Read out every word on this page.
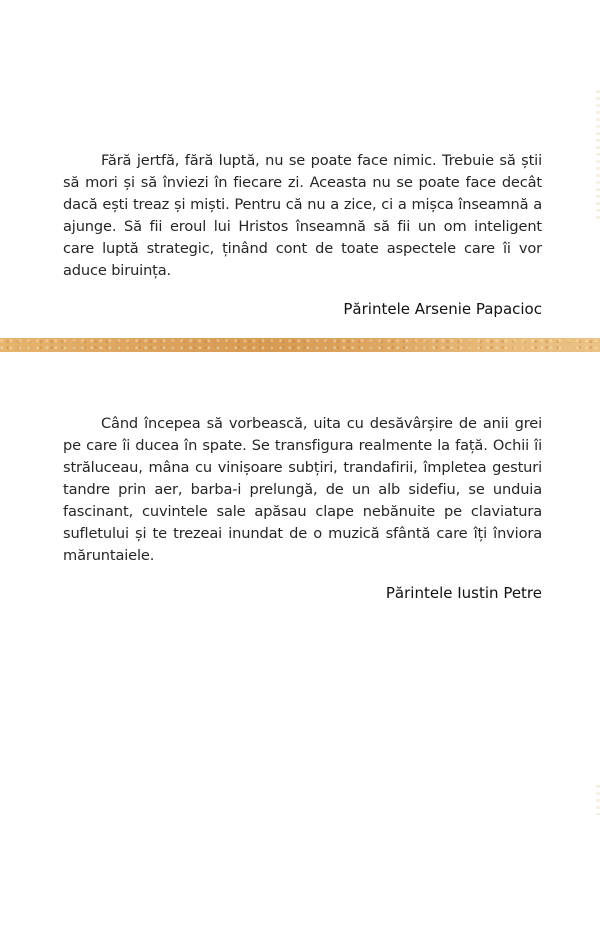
Fără jertfă, fără luptă, nu se poate face nimic. Trebuie să știi să mori și să înviezi în fiecare zi. Aceasta nu se poate face decât dacă ești treaz și miști. Pentru că nu a zice, ci a mișca înseamnă a ajunge. Să fii eroul lui Hristos înseamnă să fii un om inteligent care luptă strategic, ținând cont de toate aspectele care îi vor aduce biruința.

Părintele Arsenie Papacioc

Când începea să vorbească, uita cu desăvârșire de anii grei pe care îi ducea în spate. Se transfigura realmente la față. Ochii îi străluceau, mâna cu vinișoare subțiri, trandafirii, împletea gesturi tandre prin aer, barba-i prelungă, de un alb sidefiu, se unduia fascinant, cuvintele sale apăsau clape nebănuite pe claviatura sufletului și te trezeai inundat de o muzică sfântă care îți înviora măruntaiele.

Părintele Iustin Petre
